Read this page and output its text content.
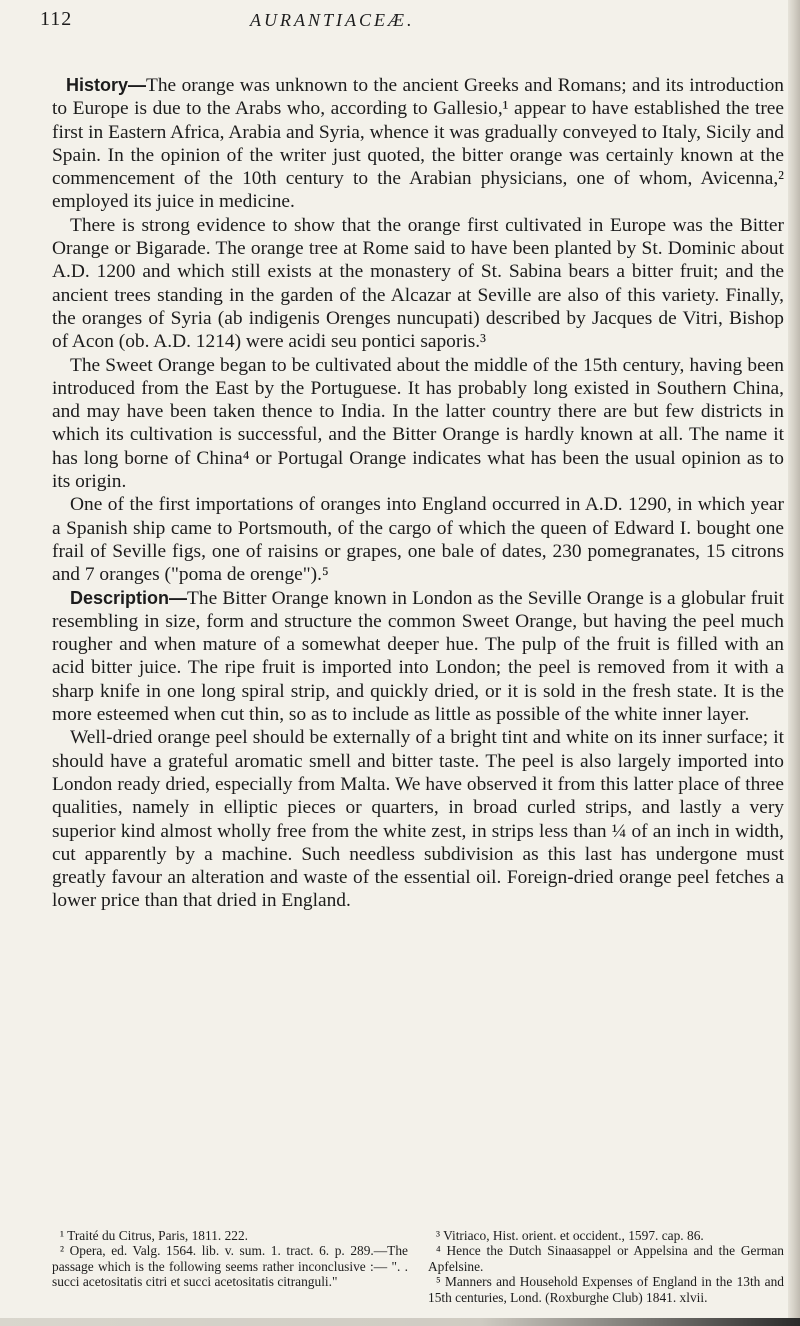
112	AURANTIACEÆ.

History—The orange was unknown to the ancient Greeks and Romans; and its introduction to Europe is due to the Arabs who, according to Gallesio,¹ appear to have established the tree first in Eastern Africa, Arabia and Syria, whence it was gradually conveyed to Italy, Sicily and Spain. In the opinion of the writer just quoted, the bitter orange was certainly known at the commencement of the 10th century to the Arabian physicians, one of whom, Avicenna,² employed its juice in medicine.

There is strong evidence to show that the orange first cultivated in Europe was the Bitter Orange or Bigarade. The orange tree at Rome said to have been planted by St. Dominic about A.D. 1200 and which still exists at the monastery of St. Sabina bears a bitter fruit; and the ancient trees standing in the garden of the Alcazar at Seville are also of this variety. Finally, the oranges of Syria (ab indigenis Orenges nuncupati) described by Jacques de Vitri, Bishop of Acon (ob. A.D. 1214) were acidi seu pontici saporis.³

The Sweet Orange began to be cultivated about the middle of the 15th century, having been introduced from the East by the Portuguese. It has probably long existed in Southern China, and may have been taken thence to India. In the latter country there are but few districts in which its cultivation is successful, and the Bitter Orange is hardly known at all. The name it has long borne of China⁴ or Portugal Orange indicates what has been the usual opinion as to its origin.

One of the first importations of oranges into England occurred in A.D. 1290, in which year a Spanish ship came to Portsmouth, of the cargo of which the queen of Edward I. bought one frail of Seville figs, one of raisins or grapes, one bale of dates, 230 pomegranates, 15 citrons and 7 oranges ("poma de orenge").⁵

Description—The Bitter Orange known in London as the Seville Orange is a globular fruit resembling in size, form and structure the common Sweet Orange, but having the peel much rougher and when mature of a somewhat deeper hue. The pulp of the fruit is filled with an acid bitter juice. The ripe fruit is imported into London; the peel is removed from it with a sharp knife in one long spiral strip, and quickly dried, or it is sold in the fresh state. It is the more esteemed when cut thin, so as to include as little as possible of the white inner layer.

Well-dried orange peel should be externally of a bright tint and white on its inner surface; it should have a grateful aromatic smell and bitter taste. The peel is also largely imported into London ready dried, especially from Malta. We have observed it from this latter place of three qualities, namely in elliptic pieces or quarters, in broad curled strips, and lastly a very superior kind almost wholly free from the white zest, in strips less than ¼ of an inch in width, cut apparently by a machine. Such needless subdivision as this last has undergone must greatly favour an alteration and waste of the essential oil. Foreign-dried orange peel fetches a lower price than that dried in England.

¹ Traité du Citrus, Paris, 1811. 222.

² Opera, ed. Valg. 1564. lib. v. sum. 1. tract. 6. p. 289.—The passage which is the following seems rather inconclusive :— ". . succi acetositatis citri et succi acetositatis citranguli."

³ Vitriaco, Hist. orient. et occident., 1597. cap. 86.

⁴ Hence the Dutch Sinaasappel or Appelsina and the German Apfelsine.

⁵ Manners and Household Expenses of England in the 13th and 15th centuries, Lond. (Roxburghe Club) 1841. xlvii.
